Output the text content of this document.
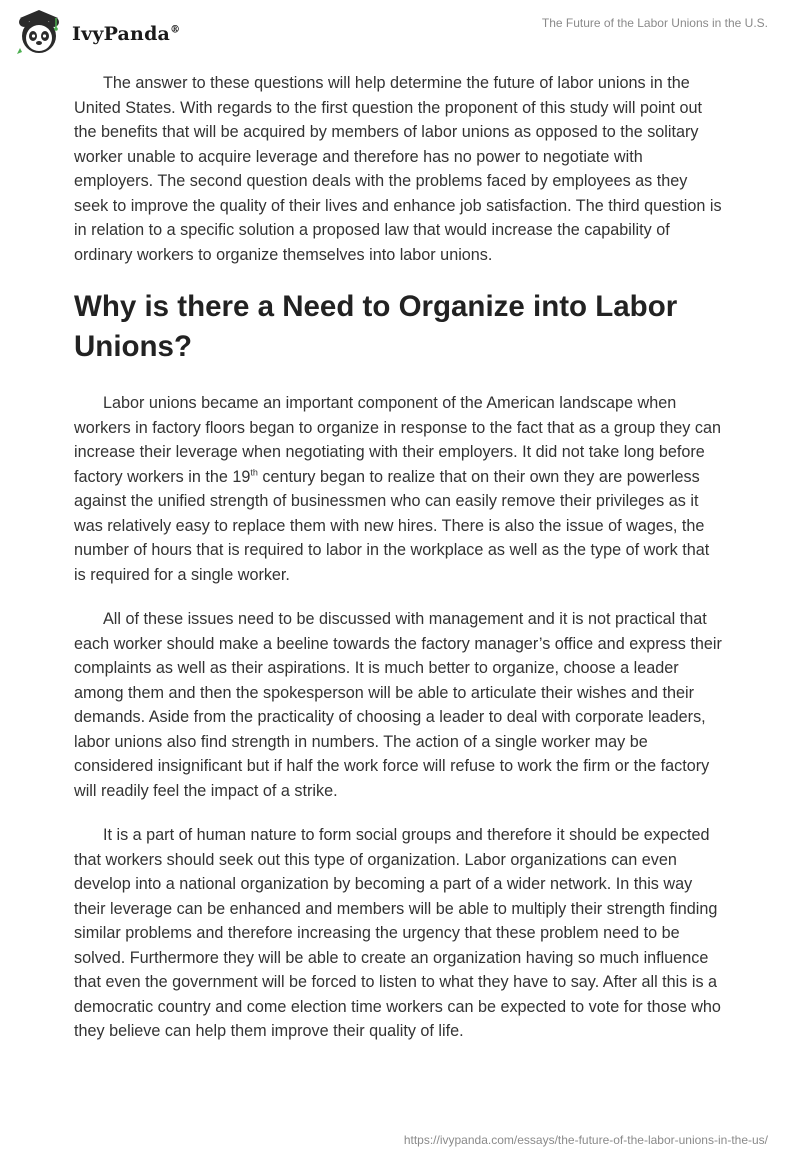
IvyPanda®
The Future of the Labor Unions in the U.S.

The answer to these questions will help determine the future of labor unions in the United States. With regards to the first question the proponent of this study will point out the benefits that will be acquired by members of labor unions as opposed to the solitary worker unable to acquire leverage and therefore has no power to negotiate with employers. The second question deals with the problems faced by employees as they seek to improve the quality of their lives and enhance job satisfaction. The third question is in relation to a specific solution a proposed law that would increase the capability of ordinary workers to organize themselves into labor unions.

Why is there a Need to Organize into Labor Unions?

Labor unions became an important component of the American landscape when workers in factory floors began to organize in response to the fact that as a group they can increase their leverage when negotiating with their employers. It did not take long before factory workers in the 19th century began to realize that on their own they are powerless against the unified strength of businessmen who can easily remove their privileges as it was relatively easy to replace them with new hires. There is also the issue of wages, the number of hours that is required to labor in the workplace as well as the type of work that is required for a single worker.

All of these issues need to be discussed with management and it is not practical that each worker should make a beeline towards the factory manager’s office and express their complaints as well as their aspirations. It is much better to organize, choose a leader among them and then the spokesperson will be able to articulate their wishes and their demands. Aside from the practicality of choosing a leader to deal with corporate leaders, labor unions also find strength in numbers. The action of a single worker may be considered insignificant but if half the work force will refuse to work the firm or the factory will readily feel the impact of a strike.

It is a part of human nature to form social groups and therefore it should be expected that workers should seek out this type of organization. Labor organizations can even develop into a national organization by becoming a part of a wider network. In this way their leverage can be enhanced and members will be able to multiply their strength finding similar problems and therefore increasing the urgency that these problem need to be solved. Furthermore they will be able to create an organization having so much influence that even the government will be forced to listen to what they have to say. After all this is a democratic country and come election time workers can be expected to vote for those who they believe can help them improve their quality of life.

https://ivypanda.com/essays/the-future-of-the-labor-unions-in-the-us/
